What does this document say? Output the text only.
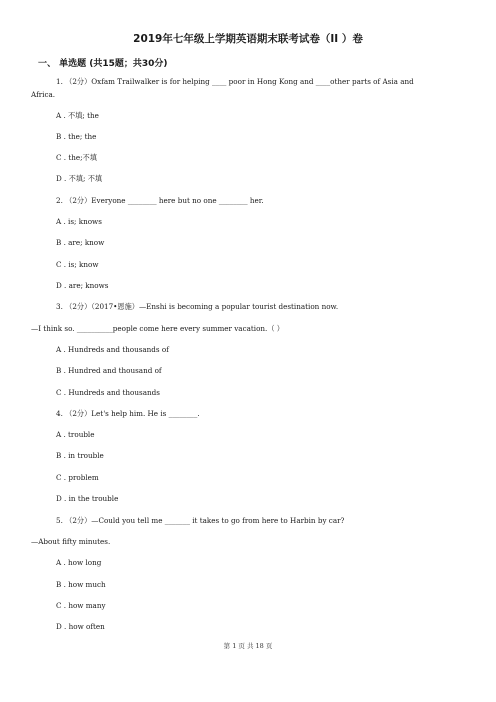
2019年七年级上学期英语期末联考试卷（II ）卷
一、 单选题 (共15题；共30分)
1. （2分）Oxfam Trailwalker is for helping ____ poor in Hong Kong and ____other parts of Asia and
Africa.
A . 不填; the
B . the; the
C . the;不填
D . 不填; 不填
2. （2分）Everyone ________ here but no one ________ her.
A . is; knows
B . are; know
C . is; know
D . are; knows
3. （2分）（2017•恩施）—Enshi is becoming a popular tourist destination now.
—I think so. __________people come here every summer vacation.（ ）
A . Hundreds and thousands of
B . Hundred and thousand of
C . Hundreds and thousands
4. （2分）Let's help him. He is ________.
A . trouble
B . in trouble
C . problem
D . in the trouble
5. （2分）—Could you tell me _______ it takes to go from here to Harbin by car?
—About fifty minutes.
A . how long
B . how much
C . how many
D . how often
第 1 页 共 18 页
